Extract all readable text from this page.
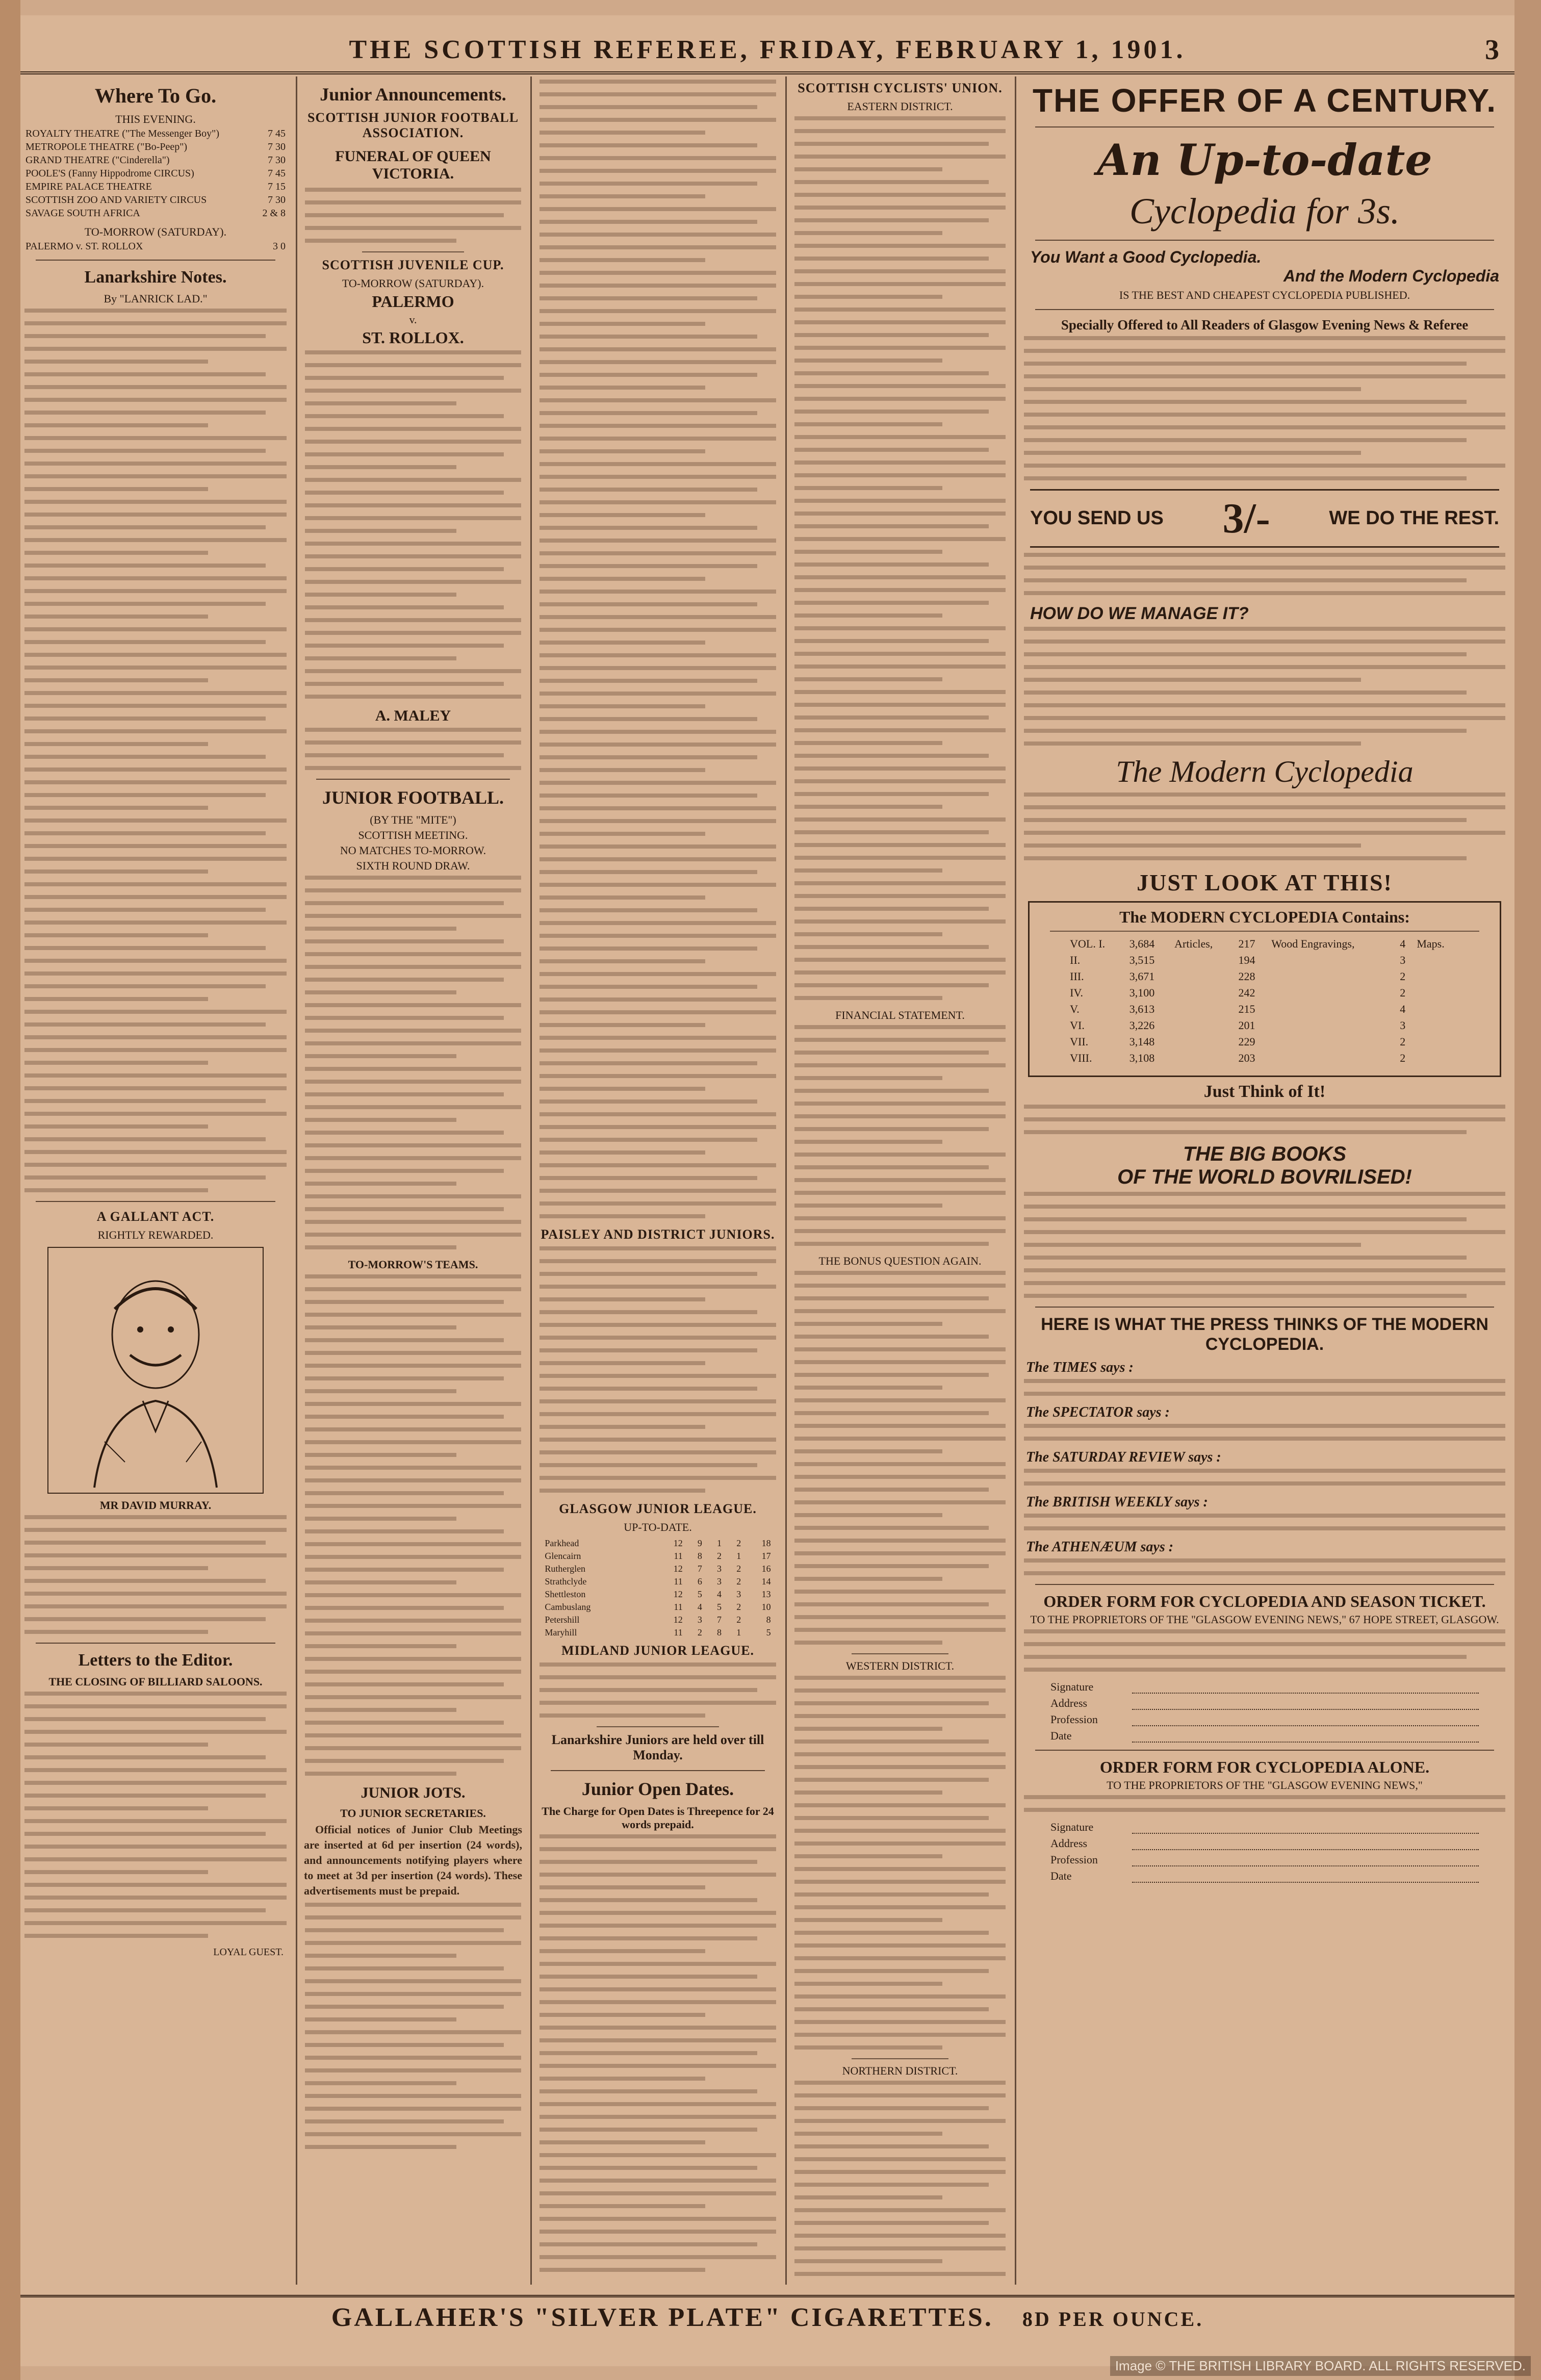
THE SCOTTISH REFEREE, FRIDAY, FEBRUARY 1, 1901.	3
Where To Go.
THIS EVENING.
ROYALTY THEATRE ("The Messenger Boy")	7 45
METROPOLE THEATRE ("Bo-Peep")	7 30
GRAND THEATRE ("Cinderella")	7 30
POOLE'S (Fanny Hippodrome CIRCUS)	7 45
EMPIRE PALACE THEATRE	7 15
SCOTTISH ZOO AND VARIETY CIRCUS	7 30
SAVAGE SOUTH AFRICA	2 & 8
TO-MORROW (SATURDAY).
PALERMO v. ST. ROLLOX	3 0
Lanarkshire Notes.
By "LANRICK LAD."
A GALLANT ACT.
RIGHTLY REWARDED.
MR DAVID MURRAY.
Letters to the Editor.
THE CLOSING OF BILLIARD SALOONS.
LOYAL GUEST.
Junior Announcements.
SCOTTISH JUNIOR FOOTBALL ASSOCIATION.
FUNERAL OF QUEEN VICTORIA.
SCOTTISH JUVENILE CUP.
TO-MORROW (SATURDAY).
PALERMO
v.
ST. ROLLOX.
A. MALEY
JUNIOR FOOTBALL.
(BY THE "MITE")
SCOTTISH MEETING.
NO MATCHES TO-MORROW.
SIXTH ROUND DRAW.
TO-MORROW'S TEAMS.
JUNIOR JOTS.
TO JUNIOR SECRETARIES.

Official notices of Junior Club Meetings are inserted at 6d per insertion (24 words), and announcements notifying players where to meet at 3d per insertion (24 words). These advertisements must be prepaid.

PAISLEY AND DISTRICT JUNIORS.
GLASGOW JUNIOR LEAGUE.
UP-TO-DATE.
Parkhead	12	9	1	2	18
Glencairn	11	8	2	1	17
Rutherglen	12	7	3	2	16
Strathclyde	11	6	3	2	14
Shettleston	12	5	4	3	13
Cambuslang	11	4	5	2	10
Petershill	12	3	7	2	8
Maryhill	11	2	8	1	5
MIDLAND JUNIOR LEAGUE.
Lanarkshire Juniors are held over till Monday.
Junior Open Dates.
The Charge for Open Dates is Threepence for 24 words prepaid.
SCOTTISH CYCLISTS' UNION.
EASTERN DISTRICT.
FINANCIAL STATEMENT.
THE BONUS QUESTION AGAIN.
WESTERN DISTRICT.
NORTHERN DISTRICT.
THE OFFER OF A CENTURY.
An Up-to-date
Cyclopedia for 3s.
You Want a Good Cyclopedia.
And the Modern Cyclopedia
IS THE BEST AND CHEAPEST CYCLOPEDIA PUBLISHED.
Specially Offered to All Readers of Glasgow Evening News & Referee
YOU SEND US 3/-	WE DO THE REST.
HOW DO WE MANAGE IT?
The Modern Cyclopedia
JUST LOOK AT THIS!
The MODERN CYCLOPEDIA Contains:
VOL. I.	3,684	Articles,	217	Wood Engravings,	4	Maps.
II.	3,515		194		3	
III.	3,671		228		2	
IV.	3,100		242		2	
V.	3,613		215		4	
VI.	3,226		201		3	
VII.	3,148		229		2	
VIII.	3,108		203		2	
Just Think of It!
THE BIG BOOKS
OF THE WORLD BOVRILISED!
HERE IS WHAT THE PRESS THINKS OF THE MODERN CYCLOPEDIA.
The TIMES says :
The SPECTATOR says :
The SATURDAY REVIEW says :
The BRITISH WEEKLY says :
The ATHENÆUM says :
ORDER FORM FOR CYCLOPEDIA AND SEASON TICKET.
TO THE PROPRIETORS OF THE "GLASGOW EVENING NEWS," 67 HOPE STREET, GLASGOW.
Signature
Address
Profession
Date
ORDER FORM FOR CYCLOPEDIA ALONE.
TO THE PROPRIETORS OF THE "GLASGOW EVENING NEWS,"
Signature
Address
Profession
Date
GALLAHER'S "SILVER PLATE" CIGARETTES. 8D PER OUNCE.
Image © THE BRITISH LIBRARY BOARD. ALL RIGHTS RESERVED.
